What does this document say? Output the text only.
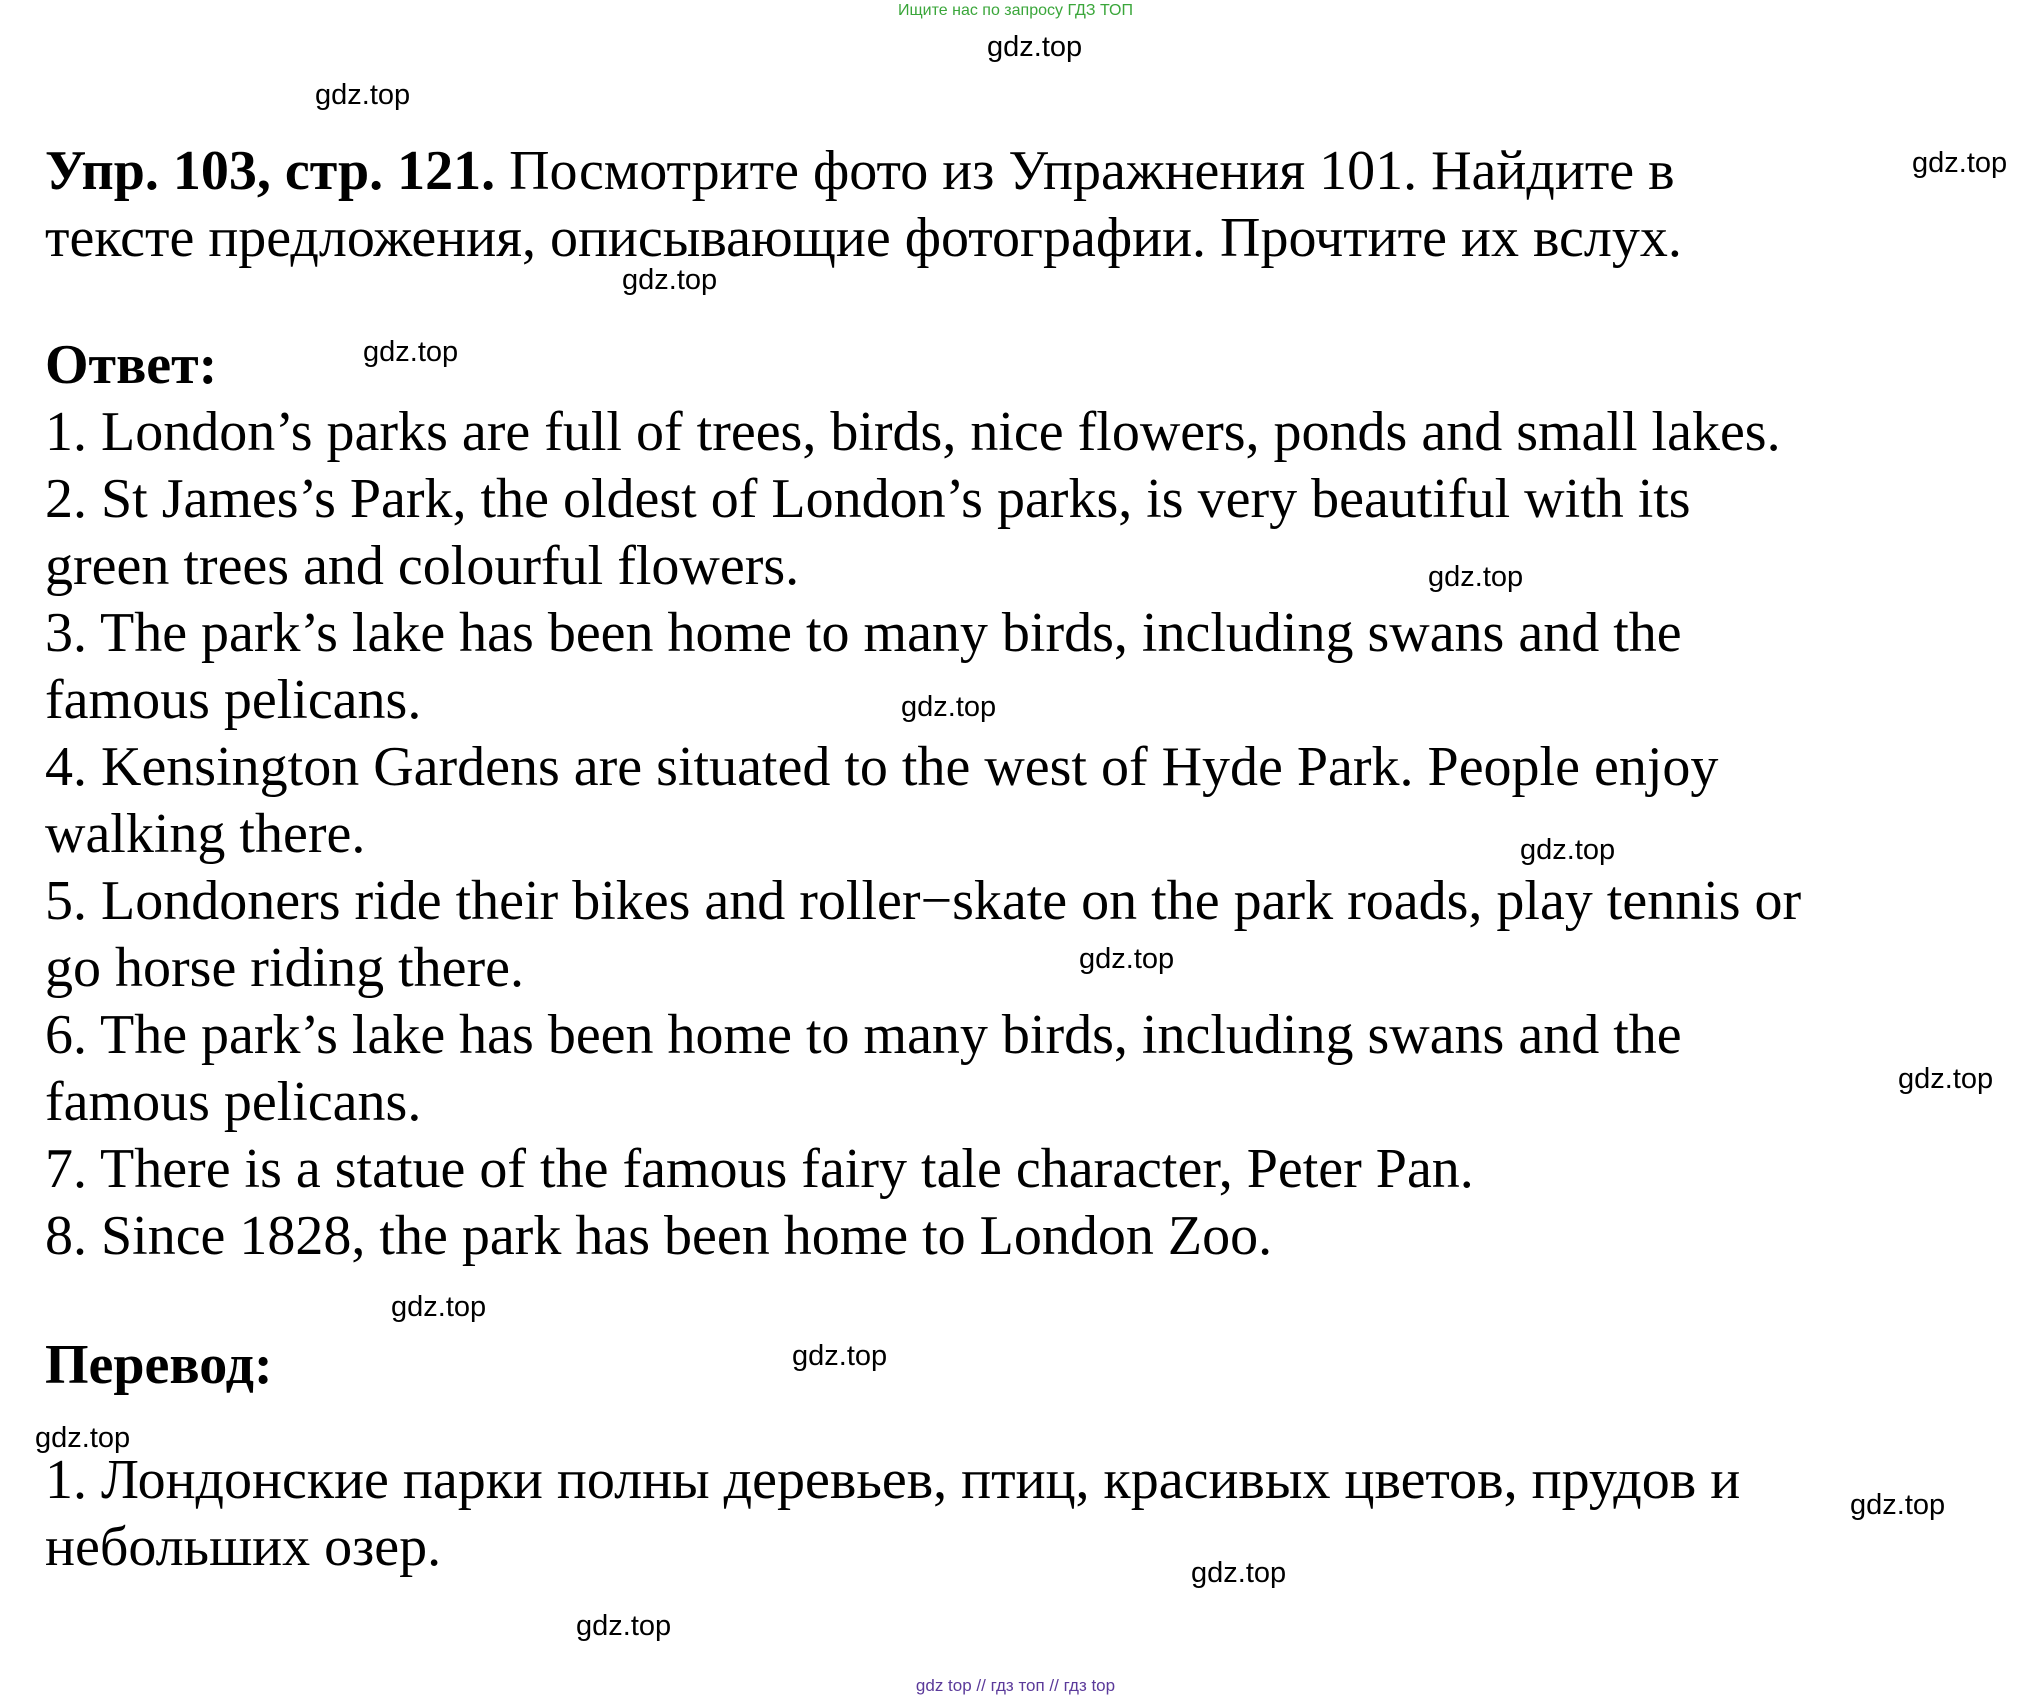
Ищите нас по запросу ГДЗ ТОП

Упр. 103, стр. 121. Посмотрите фото из Упражнения 101. Найдите в

тексте предложения, описывающие фотографии. Прочтите их вслух.

Ответ:

1. London’s parks are full of trees, birds, nice flowers, ponds and small lakes.

2. St James’s Park, the oldest of London’s parks, is very beautiful with its

green trees and colourful flowers.

3. The park’s lake has been home to many birds, including swans and the

famous pelicans.

4. Kensington Gardens are situated to the west of Hyde Park. People enjoy

walking there.

5. Londoners ride their bikes and roller−skate on the park roads, play tennis or

go horse riding there.

6. The park’s lake has been home to many birds, including swans and the

famous pelicans.

7. There is a statue of the famous fairy tale character, Peter Pan.

8. Since 1828, the park has been home to London Zoo.

Перевод:

1. Лондонские парки полны деревьев, птиц, красивых цветов, прудов и

небольших озер.

gdz.top
gdz.top
gdz.top
gdz.top
gdz.top
gdz.top
gdz.top
gdz.top
gdz.top
gdz.top
gdz.top
gdz.top
gdz.top
gdz.top
gdz.top
gdz.top
gdz top // гдз топ // гдз top
